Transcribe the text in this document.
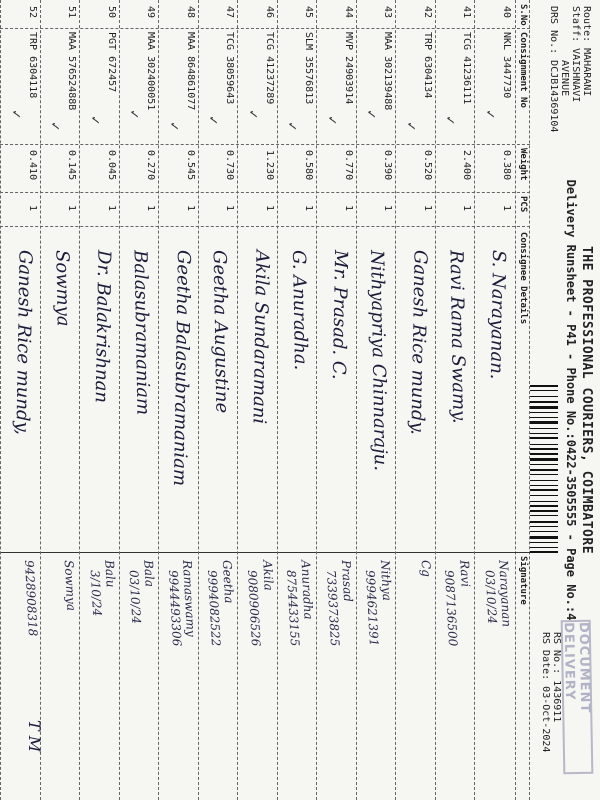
THE PROFESSIONAL COURIERS, COIMBATORE
Delivery Runsheet - P41 - Phone No.:0422-3505555 - Page No.:4
Route: MAHARANI
Staff: VAISHNAVI
AVENUE
DRS No.: DCJB14369104
RS No.: 1436911
RS Date: 03-Oct-2024	DOCUMENT DELIVERY
S.No
Consignment No
Weight
PCS
Consignee Details
Signature
40
NKL 3447730
0.380
1
S. Narayanan.
Narayanan
03/10/24
✓
41
TCG 41236111
2.400
1
Ravi Rama Swamy.
Ravi
9087136500
✓
42
TRP 6304134
0.520
1
Ganesh Rice mundy.
Cg
✓
43
MAA 302139488
0.390
1
Nithyapriya Chinnaraju.
Nithya
9994621391
✓
44
MVP 24903914
0.770
1
Mr. Prasad. C.
Prasad
7339373825
✓
45
SLM 35576813
0.580
1
G. Anuradha.
Anuradha
8754433155
✓
46
TCG 41237289
1.230
1
Akila Sundaramani
Akila
9080906526
✓
47
TCG 38059643
0.730
1
Geetha Augustine
Geetha
9994082522
✓
48
MAA 864861077
0.545
1
Geetha Balasubramaniam
Ramaswamy
9944493306
✓
49
MAA 302400051
0.270
1
Balasubramaniam
Bala
03/10/24
✓
50
PGT 672457
0.045
1
Dr. Balakrishnan
Balu
3/10/24
✓
51
MAA 57652488B
0.145
1
Sowmya
Sowmya
✓
52
TRP 6304118
0.410
1
Ganesh Rice mundy,
9428908318
✓
T M
